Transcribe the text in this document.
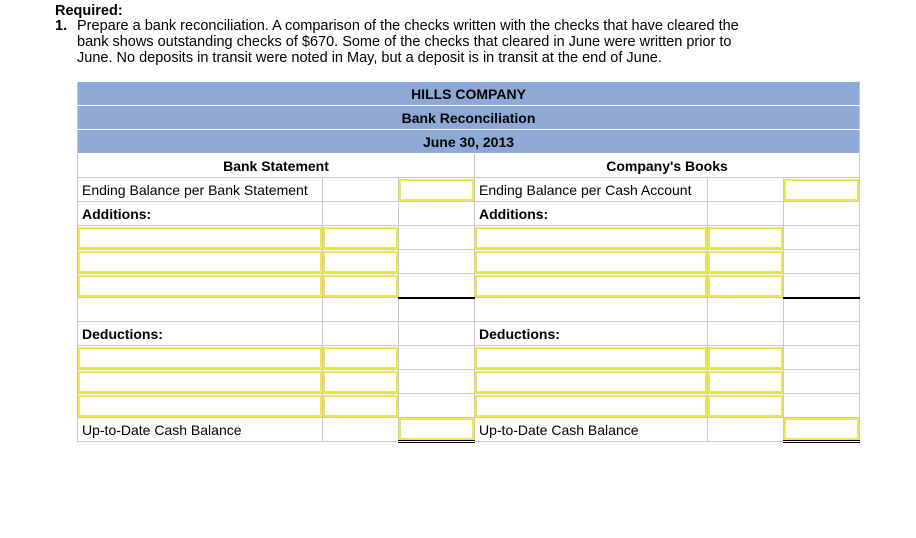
Required:
1. Prepare a bank reconciliation. A comparison of the checks written with the checks that have cleared the bank shows outstanding checks of $670. Some of the checks that cleared in June were written prior to June. No deposits in transit were noted in May, but a deposit is in transit at the end of June.
HILLS COMPANY					
Bank Reconciliation					
June 30, 2013					
Bank Statement			Company's Books		
Ending Balance per Bank Statement			Ending Balance per Cash Account		

Additions:			Additions:		

Deductions:			Deductions:		

Up-to-Date Cash Balance			Up-to-Date Cash Balance		
